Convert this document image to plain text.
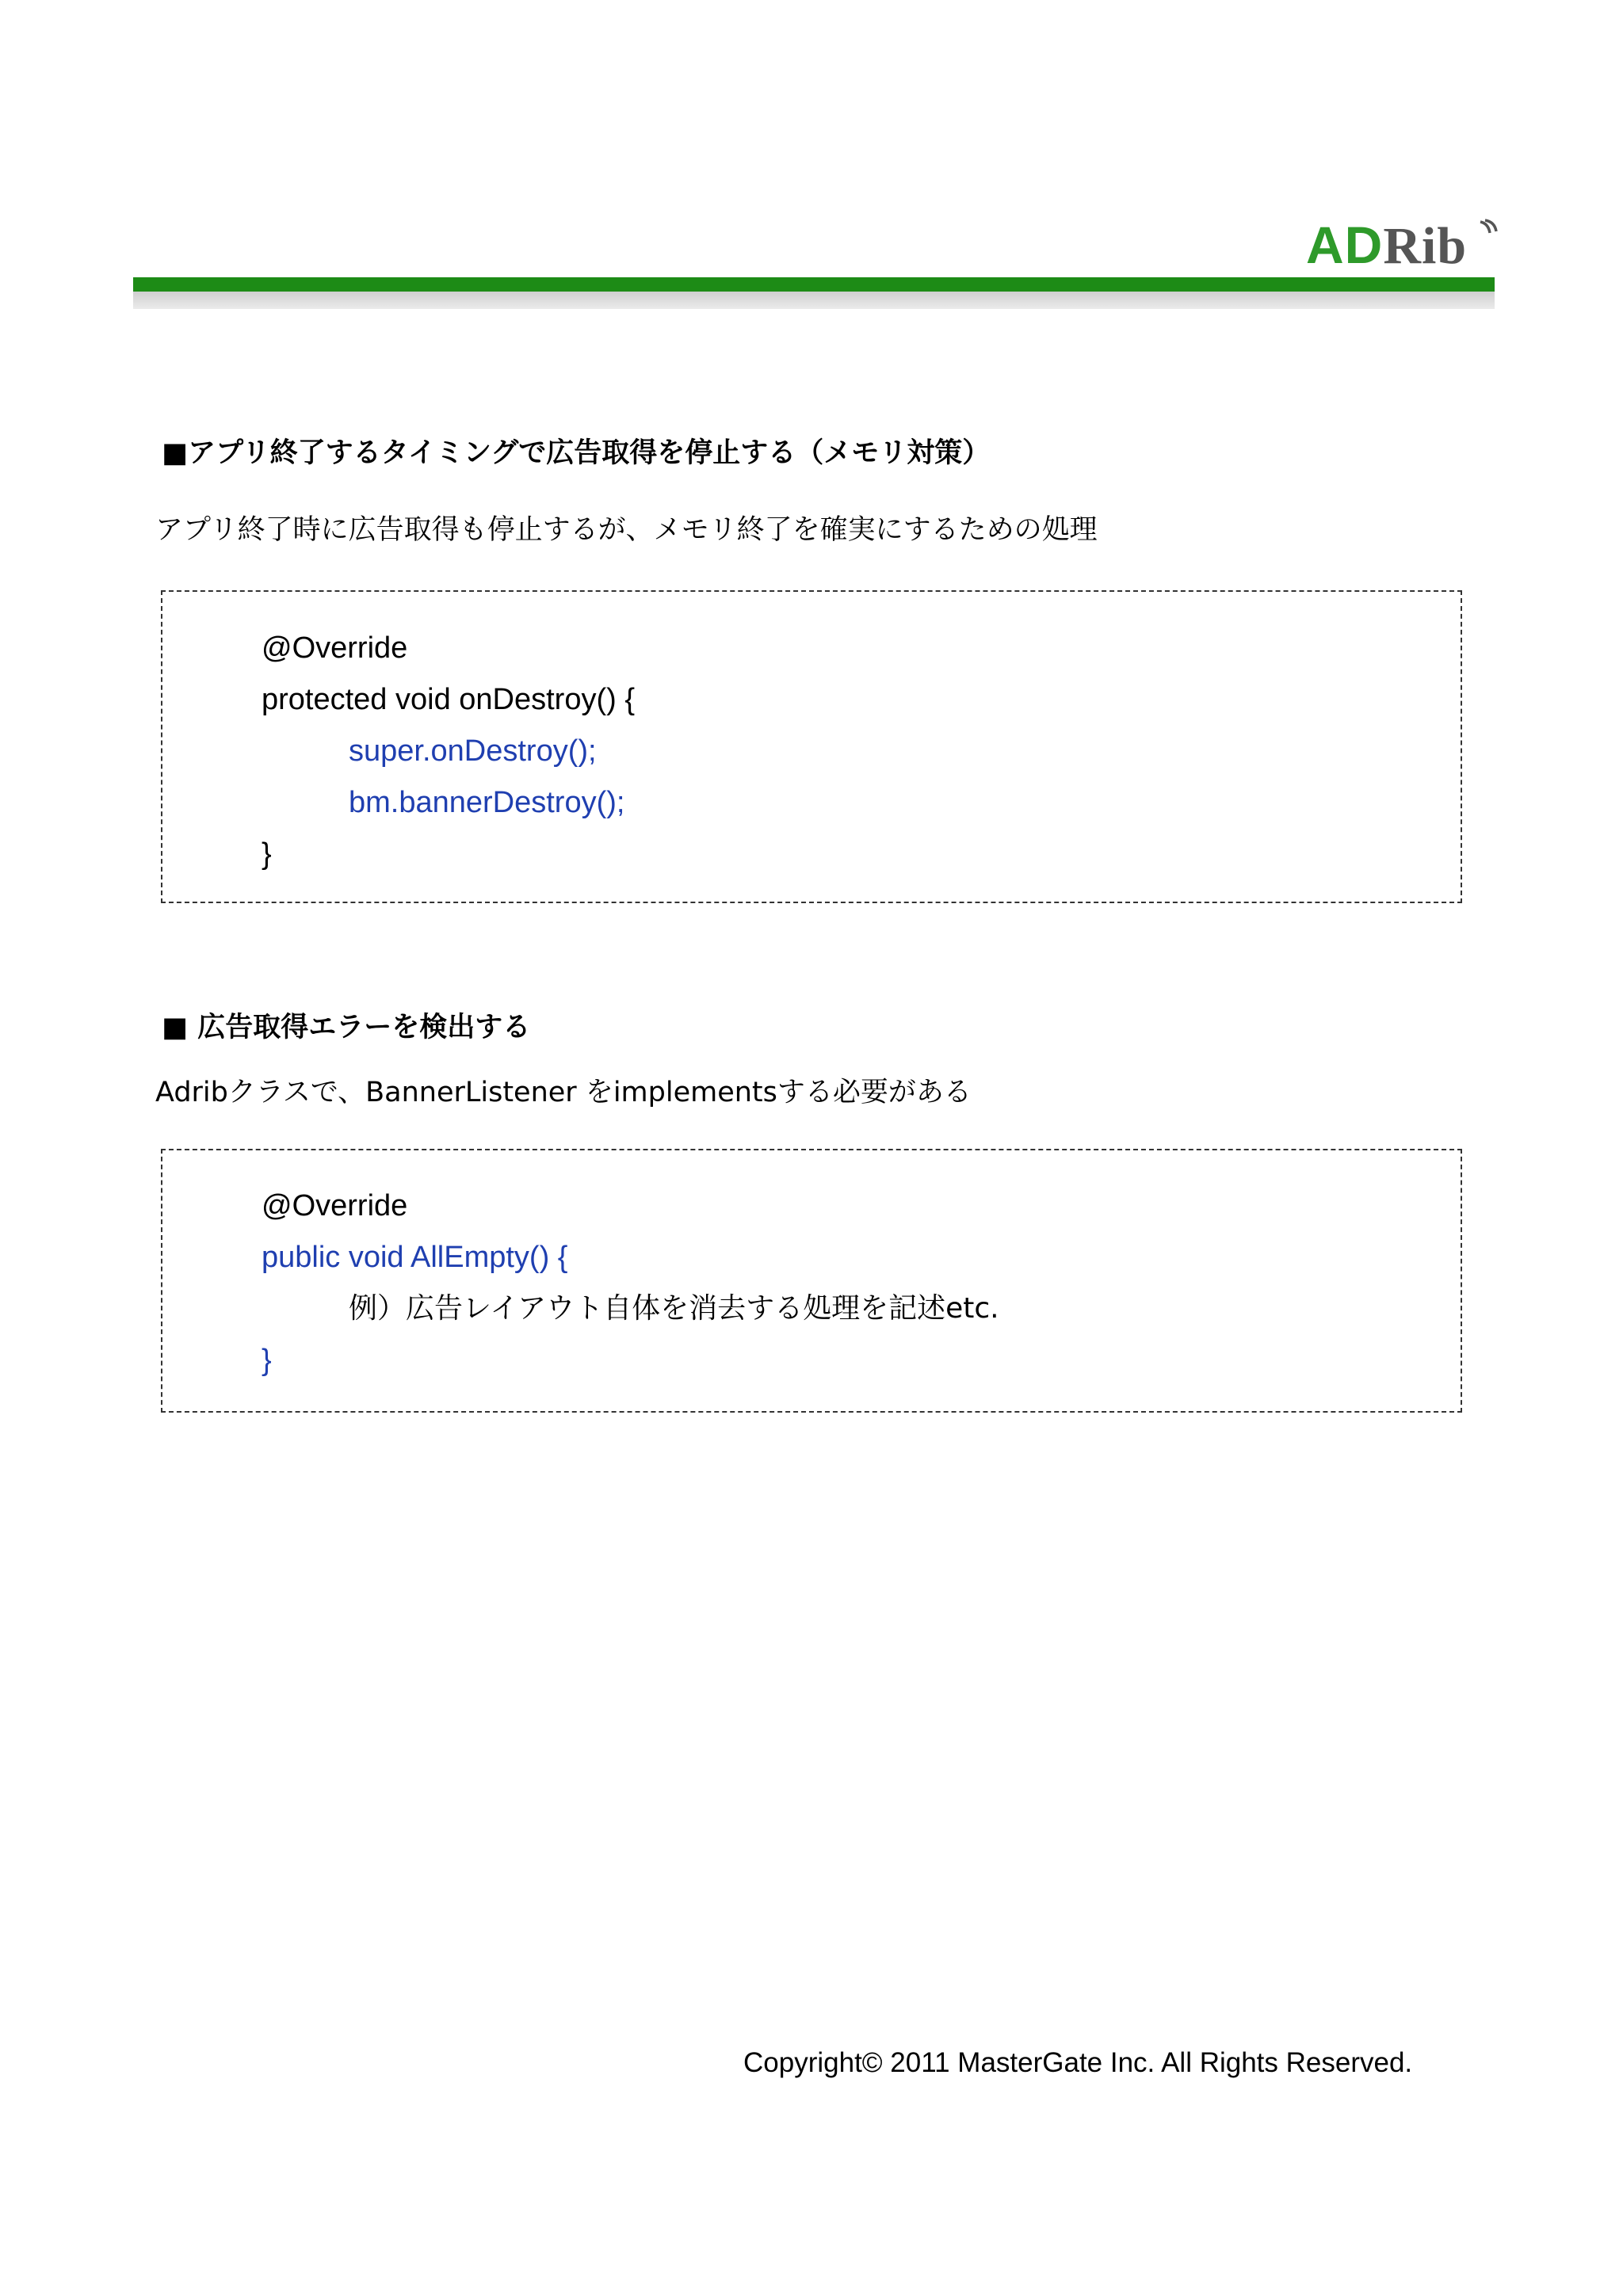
ADRib
■アプリ終了するタイミングで広告取得を停止する（メモリ対策）
アプリ終了時に広告取得も停止するが、メモリ終了を確実にするための処理
@Override
protected void onDestroy() {
super.onDestroy();
bm.bannerDestroy();
}
■ 広告取得エラーを検出する
Adribクラスで、BannerListener をimplementsする必要がある
@Override
public void AllEmpty() {
例）広告レイアウト自体を消去する処理を記述etc.
}
Copyright© 2011 MasterGate Inc. All Rights Reserved.
